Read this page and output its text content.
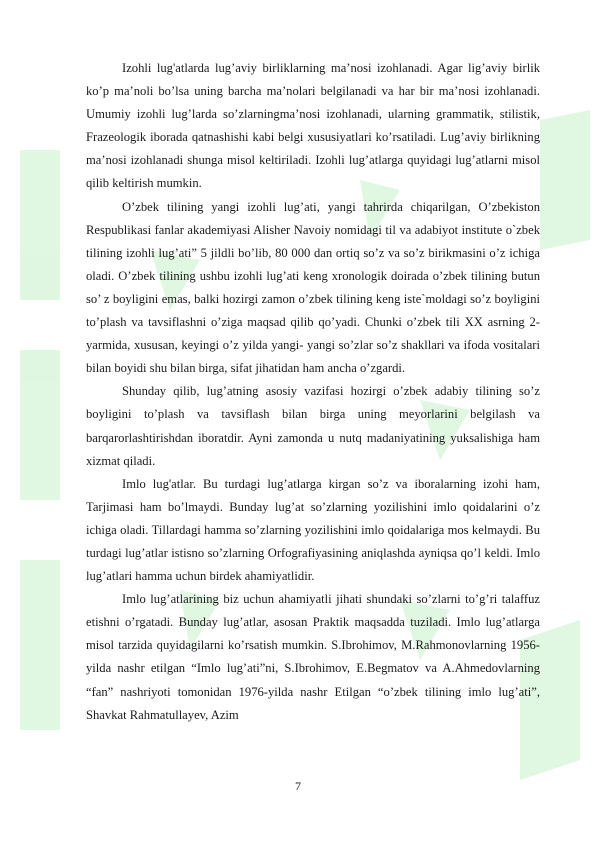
Izohli lug'atlarda lug’aviy birliklarning ma’nosi izohlanadi. Agar lig’aviy birlik ko’p ma’noli bo’lsa uning barcha ma’nolari belgilanadi va har bir ma’nosi izohlanadi. Umumiy izohli lug’larda so’zlarningma’nosi izohlanadi, ularning grammatik, stilistik, Frazeologik iborada qatnashishi kabi belgi xususiyatlari ko’rsatiladi. Lug’aviy birlikning ma’nosi izohlanadi shunga misol keltiriladi. Izohli lug’atlarga quyidagi lug’atlarni misol qilib keltirish mumkin.

O’zbek tilining yangi izohli lug’ati, yangi tahrirda chiqarilgan, O’zbekiston Respublikasi fanlar akademiyasi Alisher Navoiy nomidagi til va adabiyot institute o`zbek tilining izohli lug’ati” 5 jildli bo’lib, 80 000 dan ortiq so’z va so’z birikmasini o’z ichiga oladi. O’zbek tilining ushbu izohli lug’ati keng xronologik doirada o’zbek tilining butun so’ z boyligini emas, balki hozirgi zamon o’zbek tilining keng iste`moldagi so’z boyligini to’plash va tavsiflashni o’ziga maqsad qilib qo’yadi. Chunki o’zbek tili XX asrning 2-yarmida, xususan, keyingi o’z yilda yangi- yangi so’zlar so’z shakllari va ifoda vositalari bilan boyidi shu bilan birga, sifat jihatidan ham ancha o’zgardi.

Shunday qilib, lug’atning asosiy vazifasi hozirgi o’zbek adabiy tilining so’z boyligini to’plash va tavsiflash bilan birga uning meyorlarini belgilash va barqarorlashtirishdan iboratdir. Ayni zamonda u nutq madaniyatining yuksalishiga ham xizmat qiladi.

Imlo lug'atlar. Bu turdagi lug’atlarga kirgan so’z va iboralarning izohi ham, Tarjimasi ham bo’lmaydi. Bunday lug’at so’zlarning yozilishini imlo qoidalarini o’z ichiga oladi. Tillardagi hamma so’zlarning yozilishini imlo qoidalariga mos kelmaydi. Bu turdagi lug’atlar istisno so’zlarning Orfografiyasining aniqlashda ayniqsa qo’l keldi. Imlo lug’atlari hamma uchun birdek ahamiyatlidir.

Imlo lug’atlarining biz uchun ahamiyatli jihati shundaki so’zlarni to’g’ri talaffuz etishni o’rgatadi. Bunday lug’atlar, asosan Praktik maqsadda tuziladi. Imlo lug’atlarga misol tarzida quyidagilarni ko’rsatish mumkin. S.Ibrohimov, M.Rahmonovlarning 1956-yilda nashr etilgan “Imlo lug’ati”ni, S.Ibrohimov, E.Begmatov va A.Ahmedovlarning “fan” nashriyoti tomonidan 1976-yilda nashr Etilgan “o’zbek tilining imlo lug’ati”, Shavkat Rahmatullayev, Azim

7
